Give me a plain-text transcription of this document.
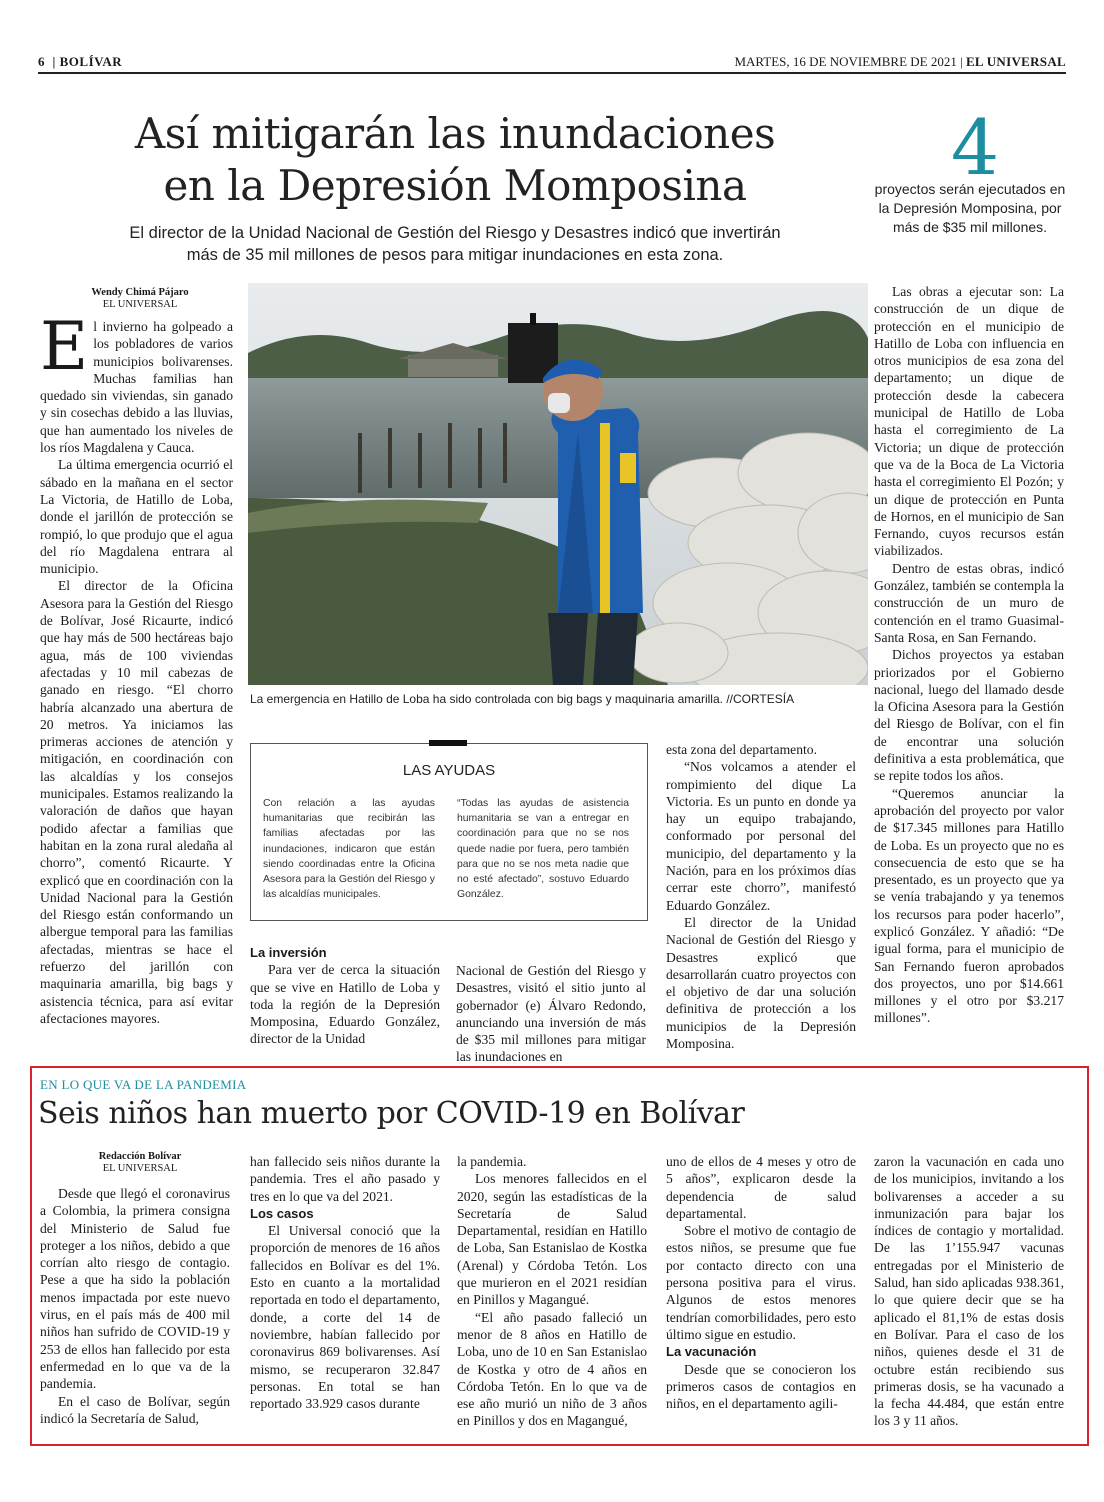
6  | BOLÍVAR	MARTES, 16 DE NOVIEMBRE DE 2021 | EL UNIVERSAL
Así mitigarán las inundaciones
en la Depresión Momposina
El director de la Unidad Nacional de Gestión del Riesgo y Desastres indicó que invertirán
más de 35 mil millones de pesos para mitigar inundaciones en esta zona.
4
proyectos serán ejecutados en
la Depresión Momposina, por
más de $35 mil millones.
Wendy Chimá Pájaro
EL UNIVERSAL

El invierno ha golpeado a los pobladores de varios municipios bolivarenses. Muchas familias han quedado sin viviendas, sin ganado y sin cosechas debido a las lluvias, que han aumentado los niveles de los ríos Magdalena y Cauca.

La última emergencia ocurrió el sábado en la mañana en el sector La Victoria, de Hatillo de Loba, donde el jarillón de protección se rompió, lo que produjo que el agua del río Magdalena entrara al municipio.

El director de la Oficina Asesora para la Gestión del Riesgo de Bolívar, José Ricaurte, indicó que hay más de 500 hectáreas bajo agua, más de 100 viviendas afectadas y 10 mil cabezas de ganado en riesgo. “El chorro habría alcanzado una abertura de 20 metros. Ya iniciamos las primeras acciones de atención y mitigación, en coordinación con las alcaldías y los consejos municipales. Estamos realizando la valoración de daños que hayan podido afectar a familias que habitan en la zona rural aledaña al chorro”, comentó Ricaurte. Y explicó que en coordinación con la Unidad Nacional para la Gestión del Riesgo están conformando un albergue temporal para las familias afectadas, mientras se hace el refuerzo del jarillón con maquinaria amarilla, big bags y asistencia técnica, para así evitar afectaciones mayores.

La emergencia en Hatillo de Loba ha sido controlada con big bags y maquinaria amarilla. //CORTESÍA
LAS AYUDAS
Con relación a las ayudas humanitarias que recibirán las familias afectadas por las inundaciones, indicaron que están siendo coordinadas entre la Oficina Asesora para la Gestión del Riesgo y las alcaldías municipales.
“Todas las ayudas de asistencia humanitaria se van a entregar en coordinación para que no se nos quede nadie por fuera, pero también para que no se nos meta nadie que no esté afectado”, sostuvo Eduardo González.

La inversión

Para ver de cerca la situación que se vive en Hatillo de Loba y toda la región de la Depresión Momposina, Eduardo González, director de la Unidad

Nacional de Gestión del Riesgo y Desastres, visitó el sitio junto al gobernador (e) Álvaro Redondo, anunciando una inversión de más de $35 mil millones para mitigar las inundaciones en

esta zona del departamento.

“Nos volcamos a atender el rompimiento del dique La Victoria. Es un punto en donde ya hay un equipo trabajando, conformado por personal del municipio, del departamento y la Nación, para en los próximos días cerrar este chorro”, manifestó Eduardo González.

El director de la Unidad Nacional de Gestión del Riesgo y Desastres explicó que desarrollarán cuatro proyectos con el objetivo de dar una solución definitiva de protección a los municipios de la Depresión Momposina.

Las obras a ejecutar son: La construcción de un dique de protección en el municipio de Hatillo de Loba con influencia en otros municipios de esa zona del departamento; un dique de protección desde la cabecera municipal de Hatillo de Loba hasta el corregimiento de La Victoria; un dique de protección que va de la Boca de La Victoria hasta el corregimiento El Pozón; y un dique de protección en Punta de Hornos, en el municipio de San Fernando, cuyos recursos están viabilizados.

Dentro de estas obras, indicó González, también se contempla la construcción de un muro de contención en el tramo Guasimal-Santa Rosa, en San Fernando.

Dichos proyectos ya estaban priorizados por el Gobierno nacional, luego del llamado desde la Oficina Asesora para la Gestión del Riesgo de Bolívar, con el fin de encontrar una solución definitiva a esta problemática, que se repite todos los años.

“Queremos anunciar la aprobación del proyecto por valor de $17.345 millones para Hatillo de Loba. Es un proyecto que no es consecuencia de esto que se ha presentado, es un proyecto que ya se venía trabajando y ya tenemos los recursos para poder hacerlo”, explicó González. Y añadió: “De igual forma, para el municipio de San Fernando fueron aprobados dos proyectos, uno por $14.661 millones y el otro por $3.217 millones”.

EN LO QUE VA DE LA PANDEMIA
Seis niños han muerto por COVID-19 en Bolívar
Redacción Bolívar
EL UNIVERSAL

Desde que llegó el coronavirus a Colombia, la primera consigna del Ministerio de Salud fue proteger a los niños, debido a que corrían alto riesgo de contagio. Pese a que ha sido la población menos impactada por este nuevo virus, en el país más de 400 mil niños han sufrido de COVID-19 y 253 de ellos han fallecido por esta enfermedad en lo que va de la pandemia.

En el caso de Bolívar, según indicó la Secretaría de Salud,

han fallecido seis niños durante la pandemia. Tres el año pasado y tres en lo que va del 2021.

Los casos

El Universal conoció que la proporción de menores de 16 años fallecidos en Bolívar es del 1%. Esto en cuanto a la mortalidad reportada en todo el departamento, donde, a corte del 14 de noviembre, habían fallecido por coronavirus 869 bolivarenses. Así mismo, se recuperaron 32.847 personas. En total se han reportado 33.929 casos durante

la pandemia.

Los menores fallecidos en el 2020, según las estadísticas de la Secretaría de Salud Departamental, residían en Hatillo de Loba, San Estanislao de Kostka (Arenal) y Córdoba Tetón. Los que murieron en el 2021 residían en Pinillos y Magangué.

“El año pasado falleció un menor de 8 años en Hatillo de Loba, uno de 10 en San Estanislao de Kostka y otro de 4 años en Córdoba Tetón. En lo que va de ese año murió un niño de 3 años en Pinillos y dos en Magangué,

uno de ellos de 4 meses y otro de 5 años”, explicaron desde la dependencia de salud departamental.

Sobre el motivo de contagio de estos niños, se presume que fue por contacto directo con una persona positiva para el virus. Algunos de estos menores tendrían comorbilidades, pero esto último sigue en estudio.

La vacunación

Desde que se conocieron los primeros casos de contagios en niños, en el departamento agili-

zaron la vacunación en cada uno de los municipios, invitando a los bolivarenses a acceder a su inmunización para bajar los índices de contagio y mortalidad. De las 1’155.947 vacunas entregadas por el Ministerio de Salud, han sido aplicadas 938.361, lo que quiere decir que se ha aplicado el 81,1% de estas dosis en Bolívar. Para el caso de los niños, quienes desde el 31 de octubre están recibiendo sus primeras dosis, se ha vacunado a la fecha 44.484, que están entre los 3 y 11 años.
